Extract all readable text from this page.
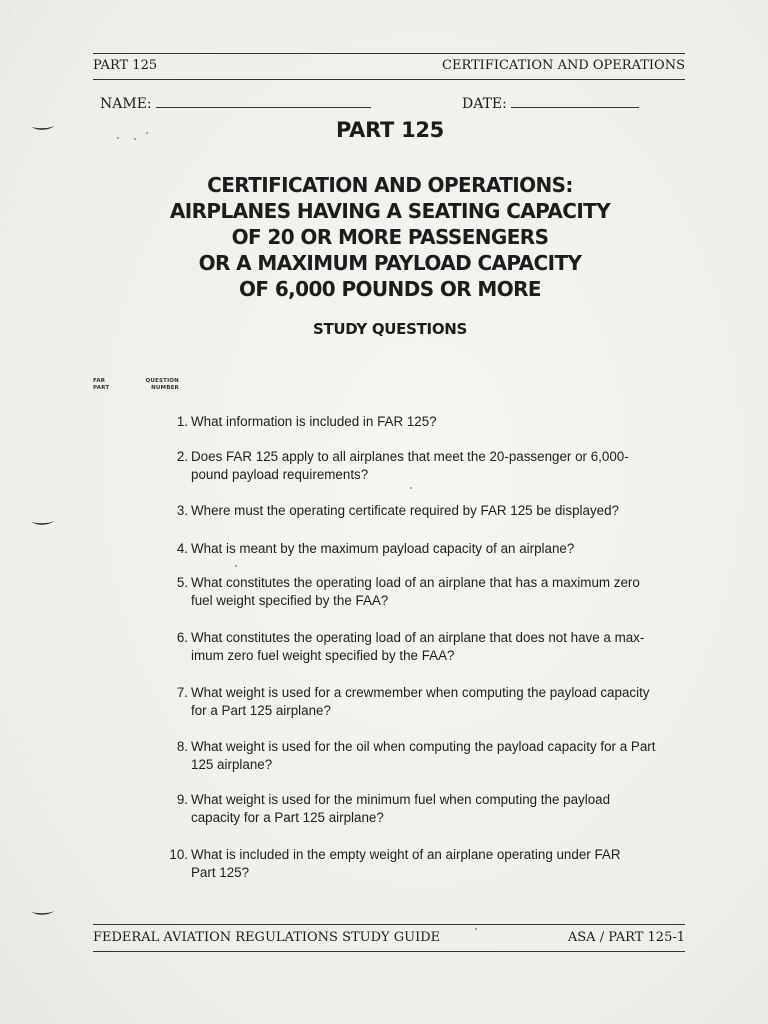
PART 125	CERTIFICATION AND OPERATIONS
NAME:	DATE:
PART 125
CERTIFICATION AND OPERATIONS:
AIRPLANES HAVING A SEATING CAPACITY
OF 20 OR MORE PASSENGERS
OR A MAXIMUM PAYLOAD CAPACITY
OF 6,000 POUNDS OR MORE
STUDY QUESTIONS
FAR
PART
QUESTION
NUMBER
1. What information is included in FAR 125?
2. Does FAR 125 apply to all airplanes that meet the 20-passenger or 6,000-
pound payload requirements?
3. Where must the operating certificate required by FAR 125 be displayed?
4. What is meant by the maximum payload capacity of an airplane?
5. What constitutes the operating load of an airplane that has a maximum zero
fuel weight specified by the FAA?
6. What constitutes the operating load of an airplane that does not have a max-
imum zero fuel weight specified by the FAA?
7. What weight is used for a crewmember when computing the payload capacity
for a Part 125 airplane?
8. What weight is used for the oil when computing the payload capacity for a Part
125 airplane?
9. What weight is used for the minimum fuel when computing the payload
capacity for a Part 125 airplane?
10. What is included in the empty weight of an airplane operating under FAR
Part 125?
FEDERAL AVIATION REGULATIONS STUDY GUIDE	ASA / PART 125-1
